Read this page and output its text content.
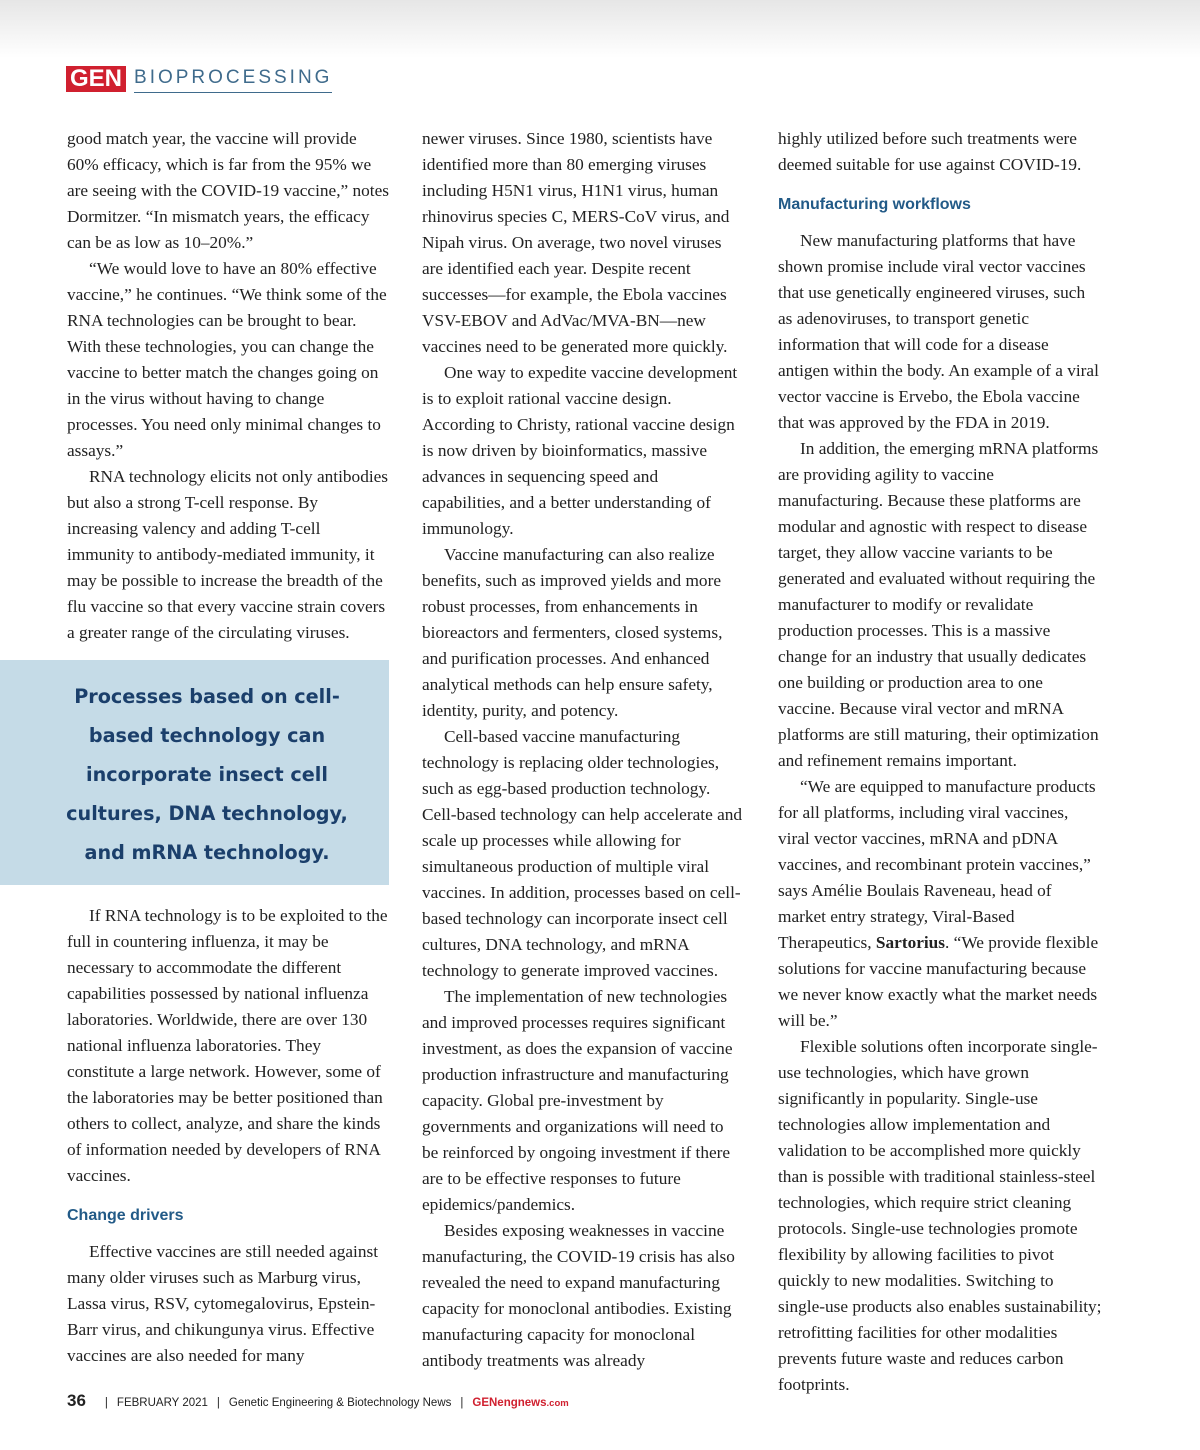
GEN BIOPROCESSING

good match year, the vaccine will provide 60% efficacy, which is far from the 95% we are seeing with the COVID-19 vaccine,” notes Dormitzer. “In mismatch years, the efficacy can be as low as 10–20%.”

“We would love to have an 80% effective vaccine,” he continues. “We think some of the RNA technologies can be brought to bear. With these technologies, you can change the vaccine to better match the changes going on in the virus without having to change processes. You need only minimal changes to assays.”

RNA technology elicits not only antibodies but also a strong T-cell response. By increasing valency and adding T-cell immunity to antibody-mediated immunity, it may be possible to increase the breadth of the flu vaccine so that every vaccine strain covers a greater range of the circulating viruses.

Processes based on cell-based technology can incorporate insect cell cultures, DNA technology, and mRNA technology.

If RNA technology is to be exploited to the full in countering influenza, it may be necessary to accommodate the different capabilities possessed by national influenza laboratories. Worldwide, there are over 130 national influenza laboratories. They constitute a large network. However, some of the laboratories may be better positioned than others to collect, analyze, and share the kinds of information needed by developers of RNA vaccines.

Change drivers

Effective vaccines are still needed against many older viruses such as Marburg virus, Lassa virus, RSV, cytomegalovirus, Epstein-Barr virus, and chikungunya virus. Effective vaccines are also needed for many

newer viruses. Since 1980, scientists have identified more than 80 emerging viruses including H5N1 virus, H1N1 virus, human rhinovirus species C, MERS-CoV virus, and Nipah virus. On average, two novel viruses are identified each year. Despite recent successes—for example, the Ebola vaccines VSV-EBOV and AdVac/MVA-BN—new vaccines need to be generated more quickly.

One way to expedite vaccine development is to exploit rational vaccine design. According to Christy, rational vaccine design is now driven by bioinformatics, massive advances in sequencing speed and capabilities, and a better understanding of immunology.

Vaccine manufacturing can also realize benefits, such as improved yields and more robust processes, from enhancements in bioreactors and fermenters, closed systems, and purification processes. And enhanced analytical methods can help ensure safety, identity, purity, and potency.

Cell-based vaccine manufacturing technology is replacing older technologies, such as egg-based production technology. Cell-based technology can help accelerate and scale up processes while allowing for simultaneous production of multiple viral vaccines. In addition, processes based on cell-based technology can incorporate insect cell cultures, DNA technology, and mRNA technology to generate improved vaccines.

The implementation of new technologies and improved processes requires significant investment, as does the expansion of vaccine production infrastructure and manufacturing capacity. Global pre-investment by governments and organizations will need to be reinforced by ongoing investment if there are to be effective responses to future epidemics/pandemics.

Besides exposing weaknesses in vaccine manufacturing, the COVID-19 crisis has also revealed the need to expand manufacturing capacity for monoclonal antibodies. Existing manufacturing capacity for monoclonal antibody treatments was already

highly utilized before such treatments were deemed suitable for use against COVID-19.

Manufacturing workflows

New manufacturing platforms that have shown promise include viral vector vaccines that use genetically engineered viruses, such as adenoviruses, to transport genetic information that will code for a disease antigen within the body. An example of a viral vector vaccine is Ervebo, the Ebola vaccine that was approved by the FDA in 2019.

In addition, the emerging mRNA platforms are providing agility to vaccine manufacturing. Because these platforms are modular and agnostic with respect to disease target, they allow vaccine variants to be generated and evaluated without requiring the manufacturer to modify or revalidate production processes. This is a massive change for an industry that usually dedicates one building or production area to one vaccine. Because viral vector and mRNA platforms are still maturing, their optimization and refinement remains important.

“We are equipped to manufacture products for all platforms, including viral vaccines, viral vector vaccines, mRNA and pDNA vaccines, and recombinant protein vaccines,” says Amélie Boulais Raveneau, head of market entry strategy, Viral-Based Therapeutics, Sartorius. “We provide flexible solutions for vaccine manufacturing because we never know exactly what the market needs will be.”

Flexible solutions often incorporate single-use technologies, which have grown significantly in popularity. Single-use technologies allow implementation and validation to be accomplished more quickly than is possible with traditional stainless-steel technologies, which require strict cleaning protocols. Single-use technologies promote flexibility by allowing facilities to pivot quickly to new modalities. Switching to single-use products also enables sustainability; retrofitting facilities for other modalities prevents future waste and reduces carbon footprints.

36 | FEBRUARY 2021 | Genetic Engineering & Biotechnology News | GENengnews.com
